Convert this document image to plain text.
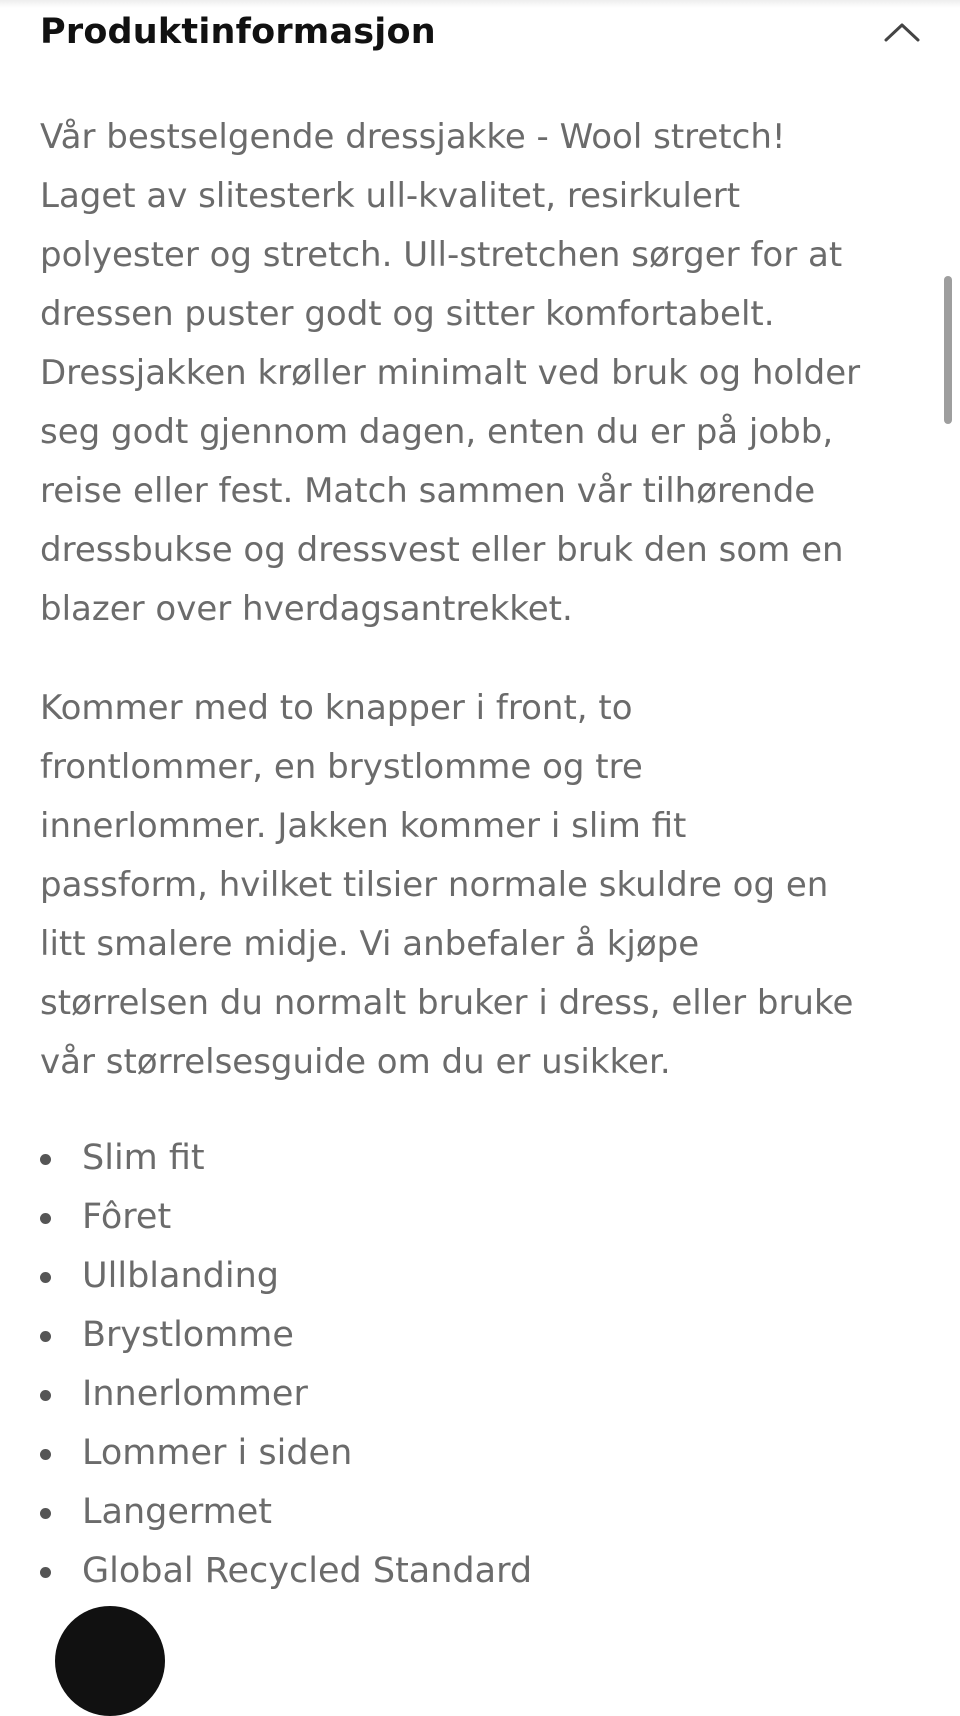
Produktinformasjon

Vår bestselgende dressjakke - Wool stretch!
Laget av slitesterk ull-kvalitet, resirkulert
polyester og stretch. Ull-stretchen sørger for at
dressen puster godt og sitter komfortabelt.
Dressjakken krøller minimalt ved bruk og holder
seg godt gjennom dagen, enten du er på jobb,
reise eller fest. Match sammen vår tilhørende
dressbukse og dressvest eller bruk den som en
blazer over hverdagsantrekket.

Kommer med to knapper i front, to
frontlommer, en brystlomme og tre
innerlommer. Jakken kommer i slim fit
passform, hvilket tilsier normale skuldre og en
litt smalere midje. Vi anbefaler å kjøpe
størrelsen du normalt bruker i dress, eller bruke
vår størrelsesguide om du er usikker.

Slim fit
Fôret
Ullblanding
Brystlomme
Innerlommer
Lommer i siden
Langermet
Global Recycled Standard
